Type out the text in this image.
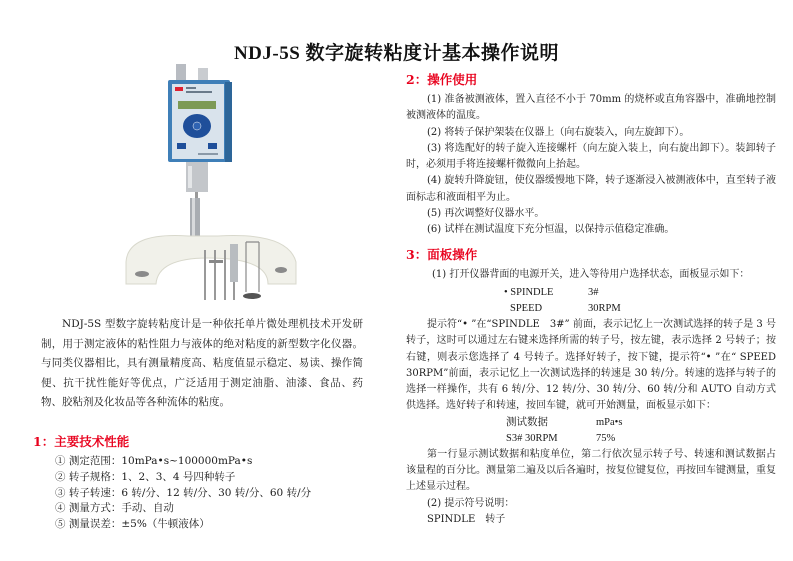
NDJ-5S 数字旋转粘度计基本操作说明

NDJ-5S 型数字旋转粘度计是一种依托单片微处理机技术开发研制，用于测定液体的粘性阻力与液体的绝对粘度的新型数字化仪器。与同类仪器相比，具有测量精度高、粘度值显示稳定、易读、操作简便、抗干扰性能好等优点，广泛适用于测定油脂、油漆、食品、药物、胶粘剂及化妆品等各种流体的粘度。

1：主要技术性能

① 测定范围：10mPa•s~100000mPa•s
② 转子规格：1、2、3、4 号四种转子
③ 转子转速：6 转/分、12 转/分、30 转/分、60 转/分
④ 测量方式：手动、自动
⑤ 测量误差：±5%（牛顿液体）

2：操作使用

(1) 准备被测液体，置入直径不小于 70mm 的烧杯或直角容器中，准确地控制被测液体的温度。

(2) 将转子保护架装在仪器上（向右旋装入，向左旋卸下）。

(3) 将选配好的转子旋入连接螺杆（向左旋入装上，向右旋出卸下）。装卸转子时，必须用手将连接螺杆微微向上抬起。

(4) 旋转升降旋钮，使仪器缓慢地下降，转子逐渐浸入被测液体中，直至转子液面标志和液面相平为止。

(5) 再次调整好仪器水平。

(6) 试样在测试温度下充分恒温，以保持示值稳定准确。

3：面板操作

(1) 打开仪器背面的电源开关，进入等待用户选择状态，面板显示如下：

• SPINDLE	3#
SPEED	30RPM

提示符“• ”在“SPINDLE　3#” 前面，表示记忆上一次测试选择的转子是 3 号转子，这时可以通过左右键来选择所需的转子号，按左键，表示选择 2 号转子；按右键，则表示您选择了 4 号转子。选择好转子，按下键，提示符“• ”在“ SPEED　30RPM”前面，表示记忆上一次测试选择的转速是 30 转/分。转速的选择与转子的选择一样操作，共有 6 转/分、12 转/分、30 转/分、60 转/分和 AUTO 自动方式供选择。选好转子和转速，按回车键，就可开始测量，面板显示如下：

测试数据	mPa•s
S3# 30RPM	75%

第一行显示测试数据和粘度单位，第二行依次显示转子号、转速和测试数据占该量程的百分比。测量第二遍及以后各遍时，按复位键复位，再按回车键测量，重复上述显示过程。

(2) 提示符号说明：

SPINDLE　转子
